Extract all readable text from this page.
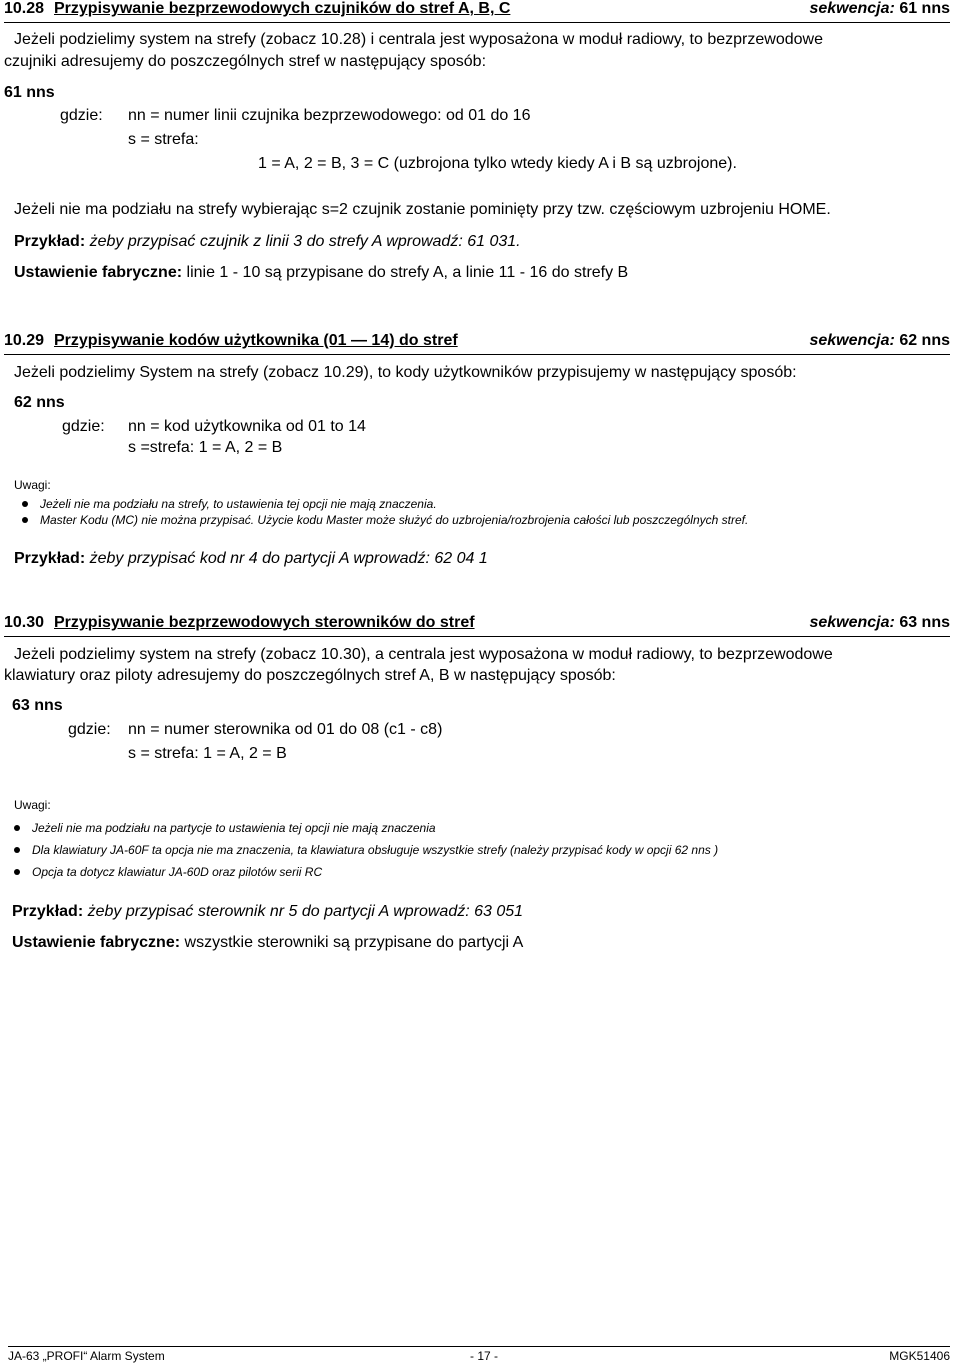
10.28 Przypisywanie bezprzewodowych czujników do stref A, B, C	sekwencja: 61 nns
Jeżeli podzielimy system na strefy (zobacz 10.28) i centrala jest wyposażona w moduł radiowy, to bezprzewodowe
czujniki adresujemy do poszczególnych stref w następujący sposób:
61 nns
gdzie: nn = numer linii czujnika bezprzewodowego: od 01 do 16
s = strefa:
1 = A, 2 = B, 3 = C (uzbrojona tylko wtedy kiedy A i B są uzbrojone).
Jeżeli nie ma podziału na strefy wybierając s=2 czujnik zostanie pominięty przy tzw. częściowym uzbrojeniu HOME.
Przykład: żeby przypisać czujnik z linii 3 do strefy A wprowadź: 61 031.
Ustawienie fabryczne: linie 1 - 10 są przypisane do strefy A, a linie 11 - 16 do strefy B
10.29 Przypisywanie kodów użytkownika (01 — 14) do stref	sekwencja: 62 nns
Jeżeli podzielimy System na strefy (zobacz 10.29), to kody użytkowników przypisujemy w następujący sposób:
62 nns
gdzie: nn = kod użytkownika od 01 to 14
s =strefa: 1 = A, 2 = B
Uwagi:
Jeżeli nie ma podziału na strefy, to ustawienia tej opcji nie mają znaczenia.
Master Kodu (MC) nie można przypisać. Użycie kodu Master może służyć do uzbrojenia/rozbrojenia całości lub poszczególnych stref.
Przykład: żeby przypisać kod nr 4 do partycji A wprowadź: 62 04 1
10.30 Przypisywanie bezprzewodowych sterowników do stref	sekwencja: 63 nns
Jeżeli podzielimy system na strefy (zobacz 10.30), a centrala jest wyposażona w moduł radiowy, to bezprzewodowe
klawiatury oraz piloty adresujemy do poszczególnych stref A, B w następujący sposób:
63 nns
gdzie: nn = numer sterownika od 01 do 08 (c1 - c8)
s = strefa: 1 = A, 2 = B
Uwagi:
Jeżeli nie ma podziału na partycje to ustawienia tej opcji nie mają znaczenia
Dla klawiatury JA-60F ta opcja nie ma znaczenia, ta klawiatura obsługuje wszystkie strefy (należy przypisać kody w opcji 62 nns )
Opcja ta dotycz klawiatur JA-60D oraz pilotów serii RC
Przykład: żeby przypisać sterownik nr 5 do partycji A wprowadź: 63 051
Ustawienie fabryczne: wszystkie sterowniki są przypisane do partycji A
JA-63 „PROFI“ Alarm System	- 17 -	MGK51406
